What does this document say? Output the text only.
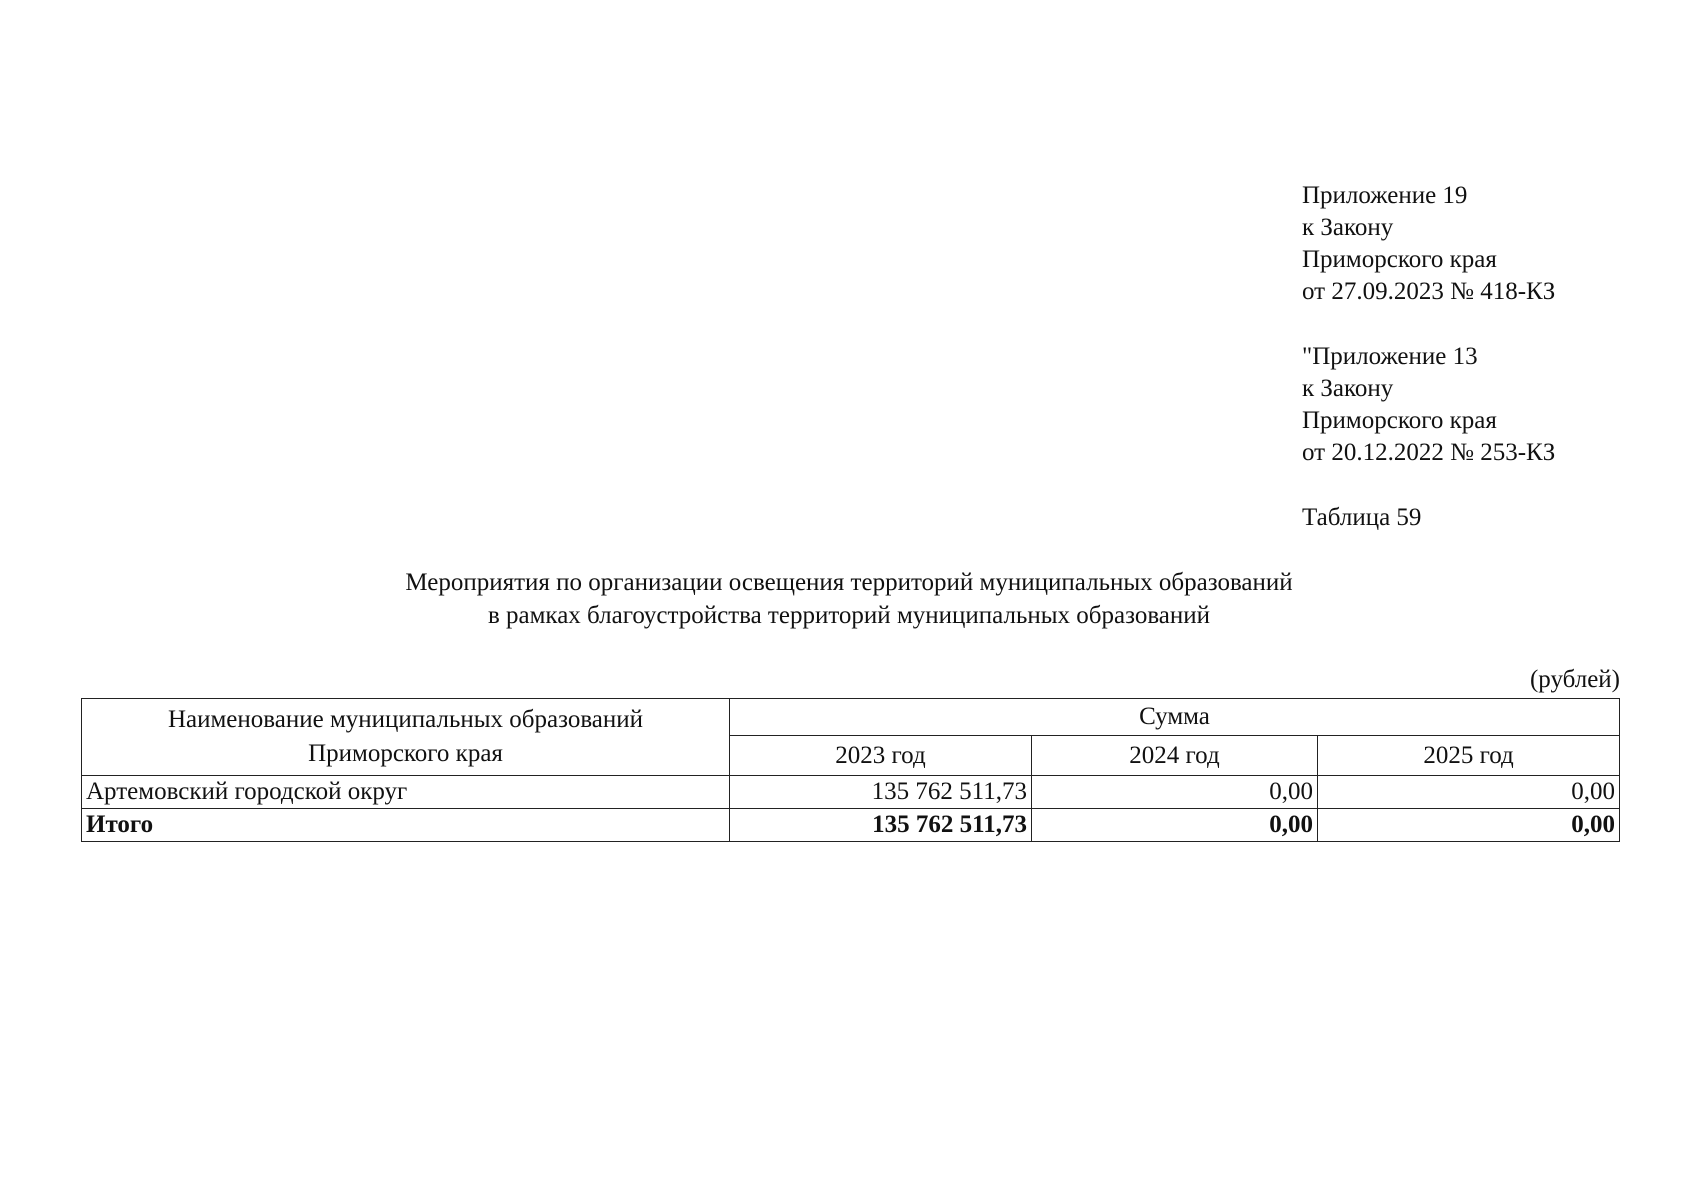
Приложение 19
к Закону
Приморского края
от 27.09.2023 № 418-КЗ
"Приложение 13
к Закону
Приморского края
от 20.12.2022 № 253-КЗ
Таблица 59
Мероприятия по организации освещения территорий муниципальных образований
в рамках благоустройства территорий муниципальных образований
(рублей)
Наименование муниципальных образований
Приморского края	Сумма		
	2023 год	2024 год	2025 год
Артемовский городской округ	135 762 511,73	0,00	0,00
Итого	135 762 511,73	0,00	0,00
